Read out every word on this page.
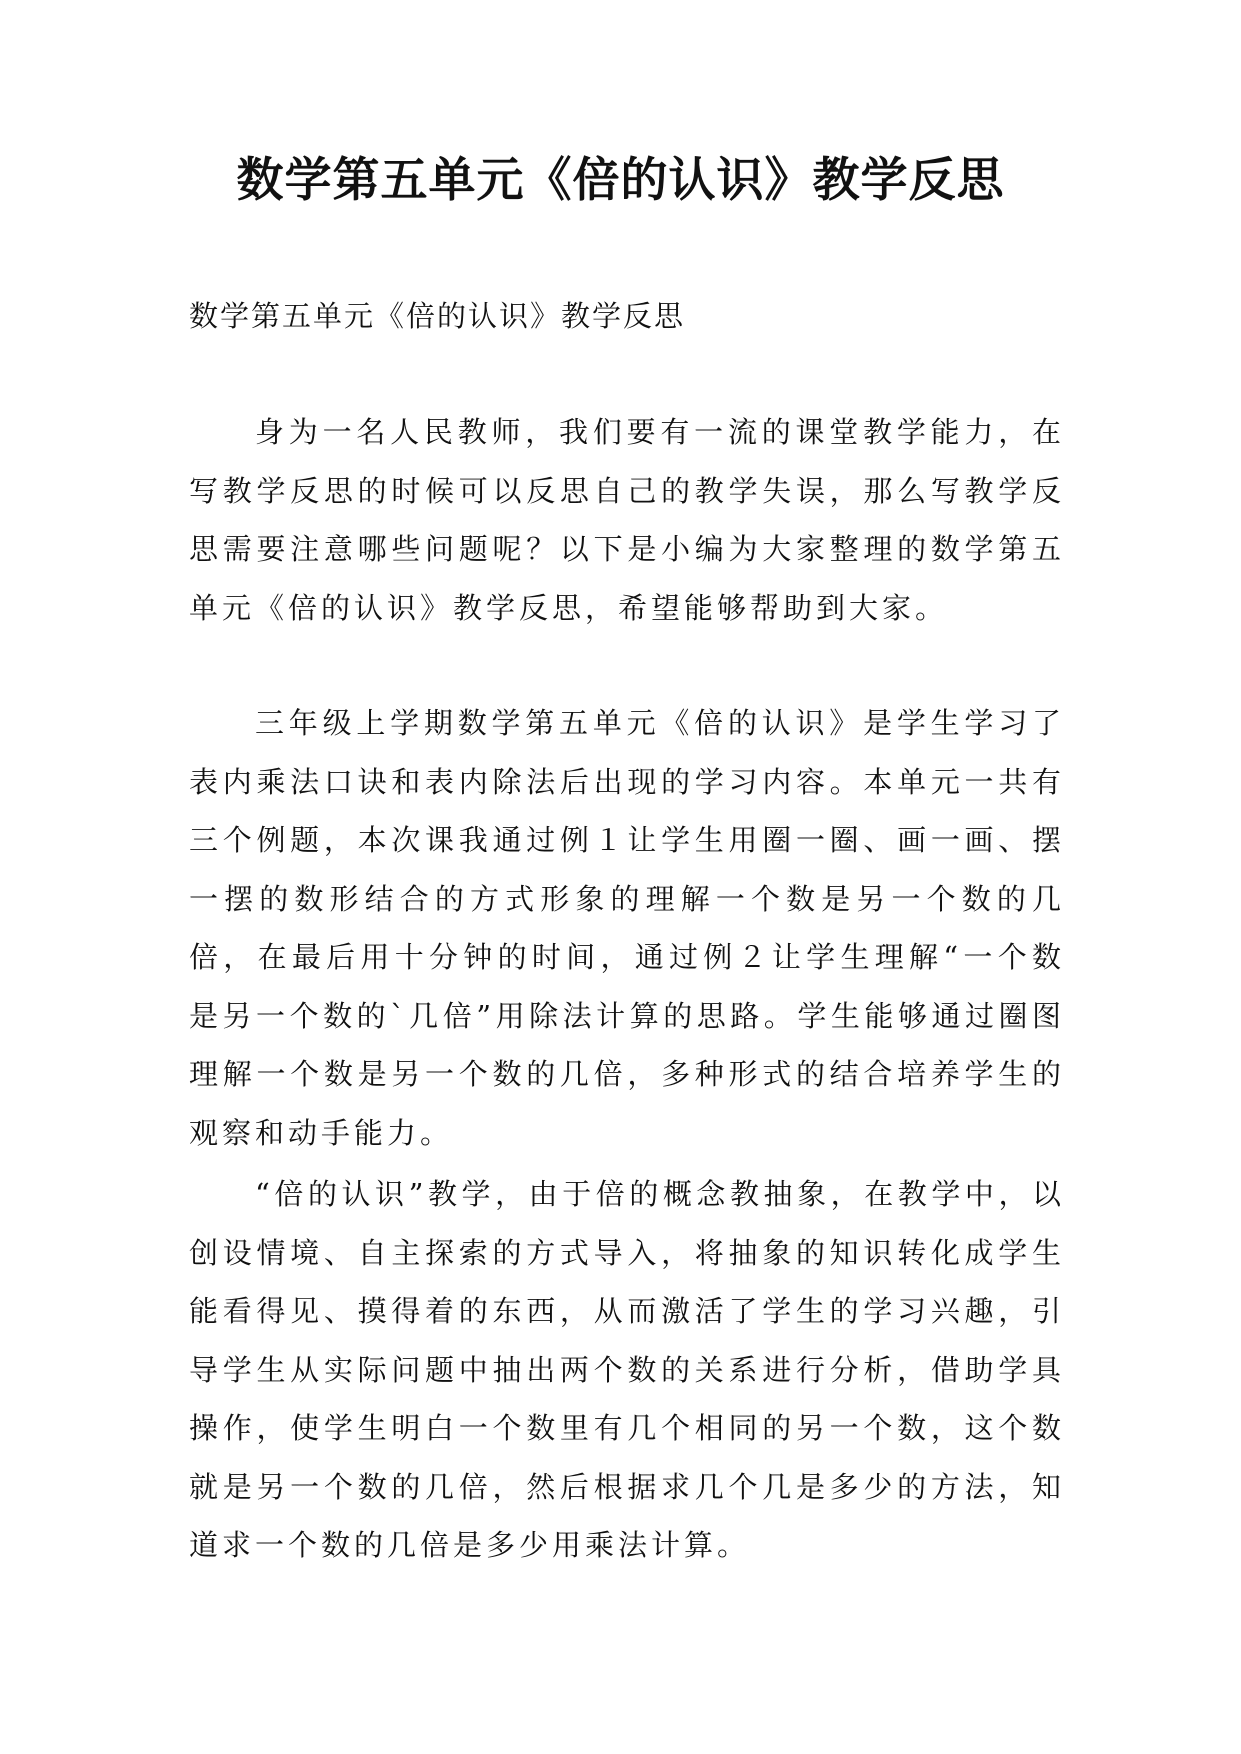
数学第五单元《倍的认识》教学反思

数学第五单元《倍的认识》教学反思

身为一名人民教师，我们要有一流的课堂教学能力，在写教学反思的时候可以反思自己的教学失误，那么写教学反思需要注意哪些问题呢？以下是小编为大家整理的数学第五单元《倍的认识》教学反思，希望能够帮助到大家。

三年级上学期数学第五单元《倍的认识》是学生学习了表内乘法口诀和表内除法后出现的学习内容。本单元一共有三个例题，本次课我通过例１让学生用圈一圈、画一画、摆一摆的数形结合的方式形象的理解一个数是另一个数的几倍，在最后用十分钟的时间，通过例２让学生理解“一个数是另一个数的`几倍”用除法计算的思路。学生能够通过圈图理解一个数是另一个数的几倍，多种形式的结合培养学生的观察和动手能力。

“倍的认识”教学，由于倍的概念教抽象，在教学中，以创设情境、自主探索的方式导入，将抽象的知识转化成学生能看得见、摸得着的东西，从而激活了学生的学习兴趣，引导学生从实际问题中抽出两个数的关系进行分析，借助学具操作，使学生明白一个数里有几个相同的另一个数，这个数就是另一个数的几倍，然后根据求几个几是多少的方法，知道求一个数的几倍是多少用乘法计算。
